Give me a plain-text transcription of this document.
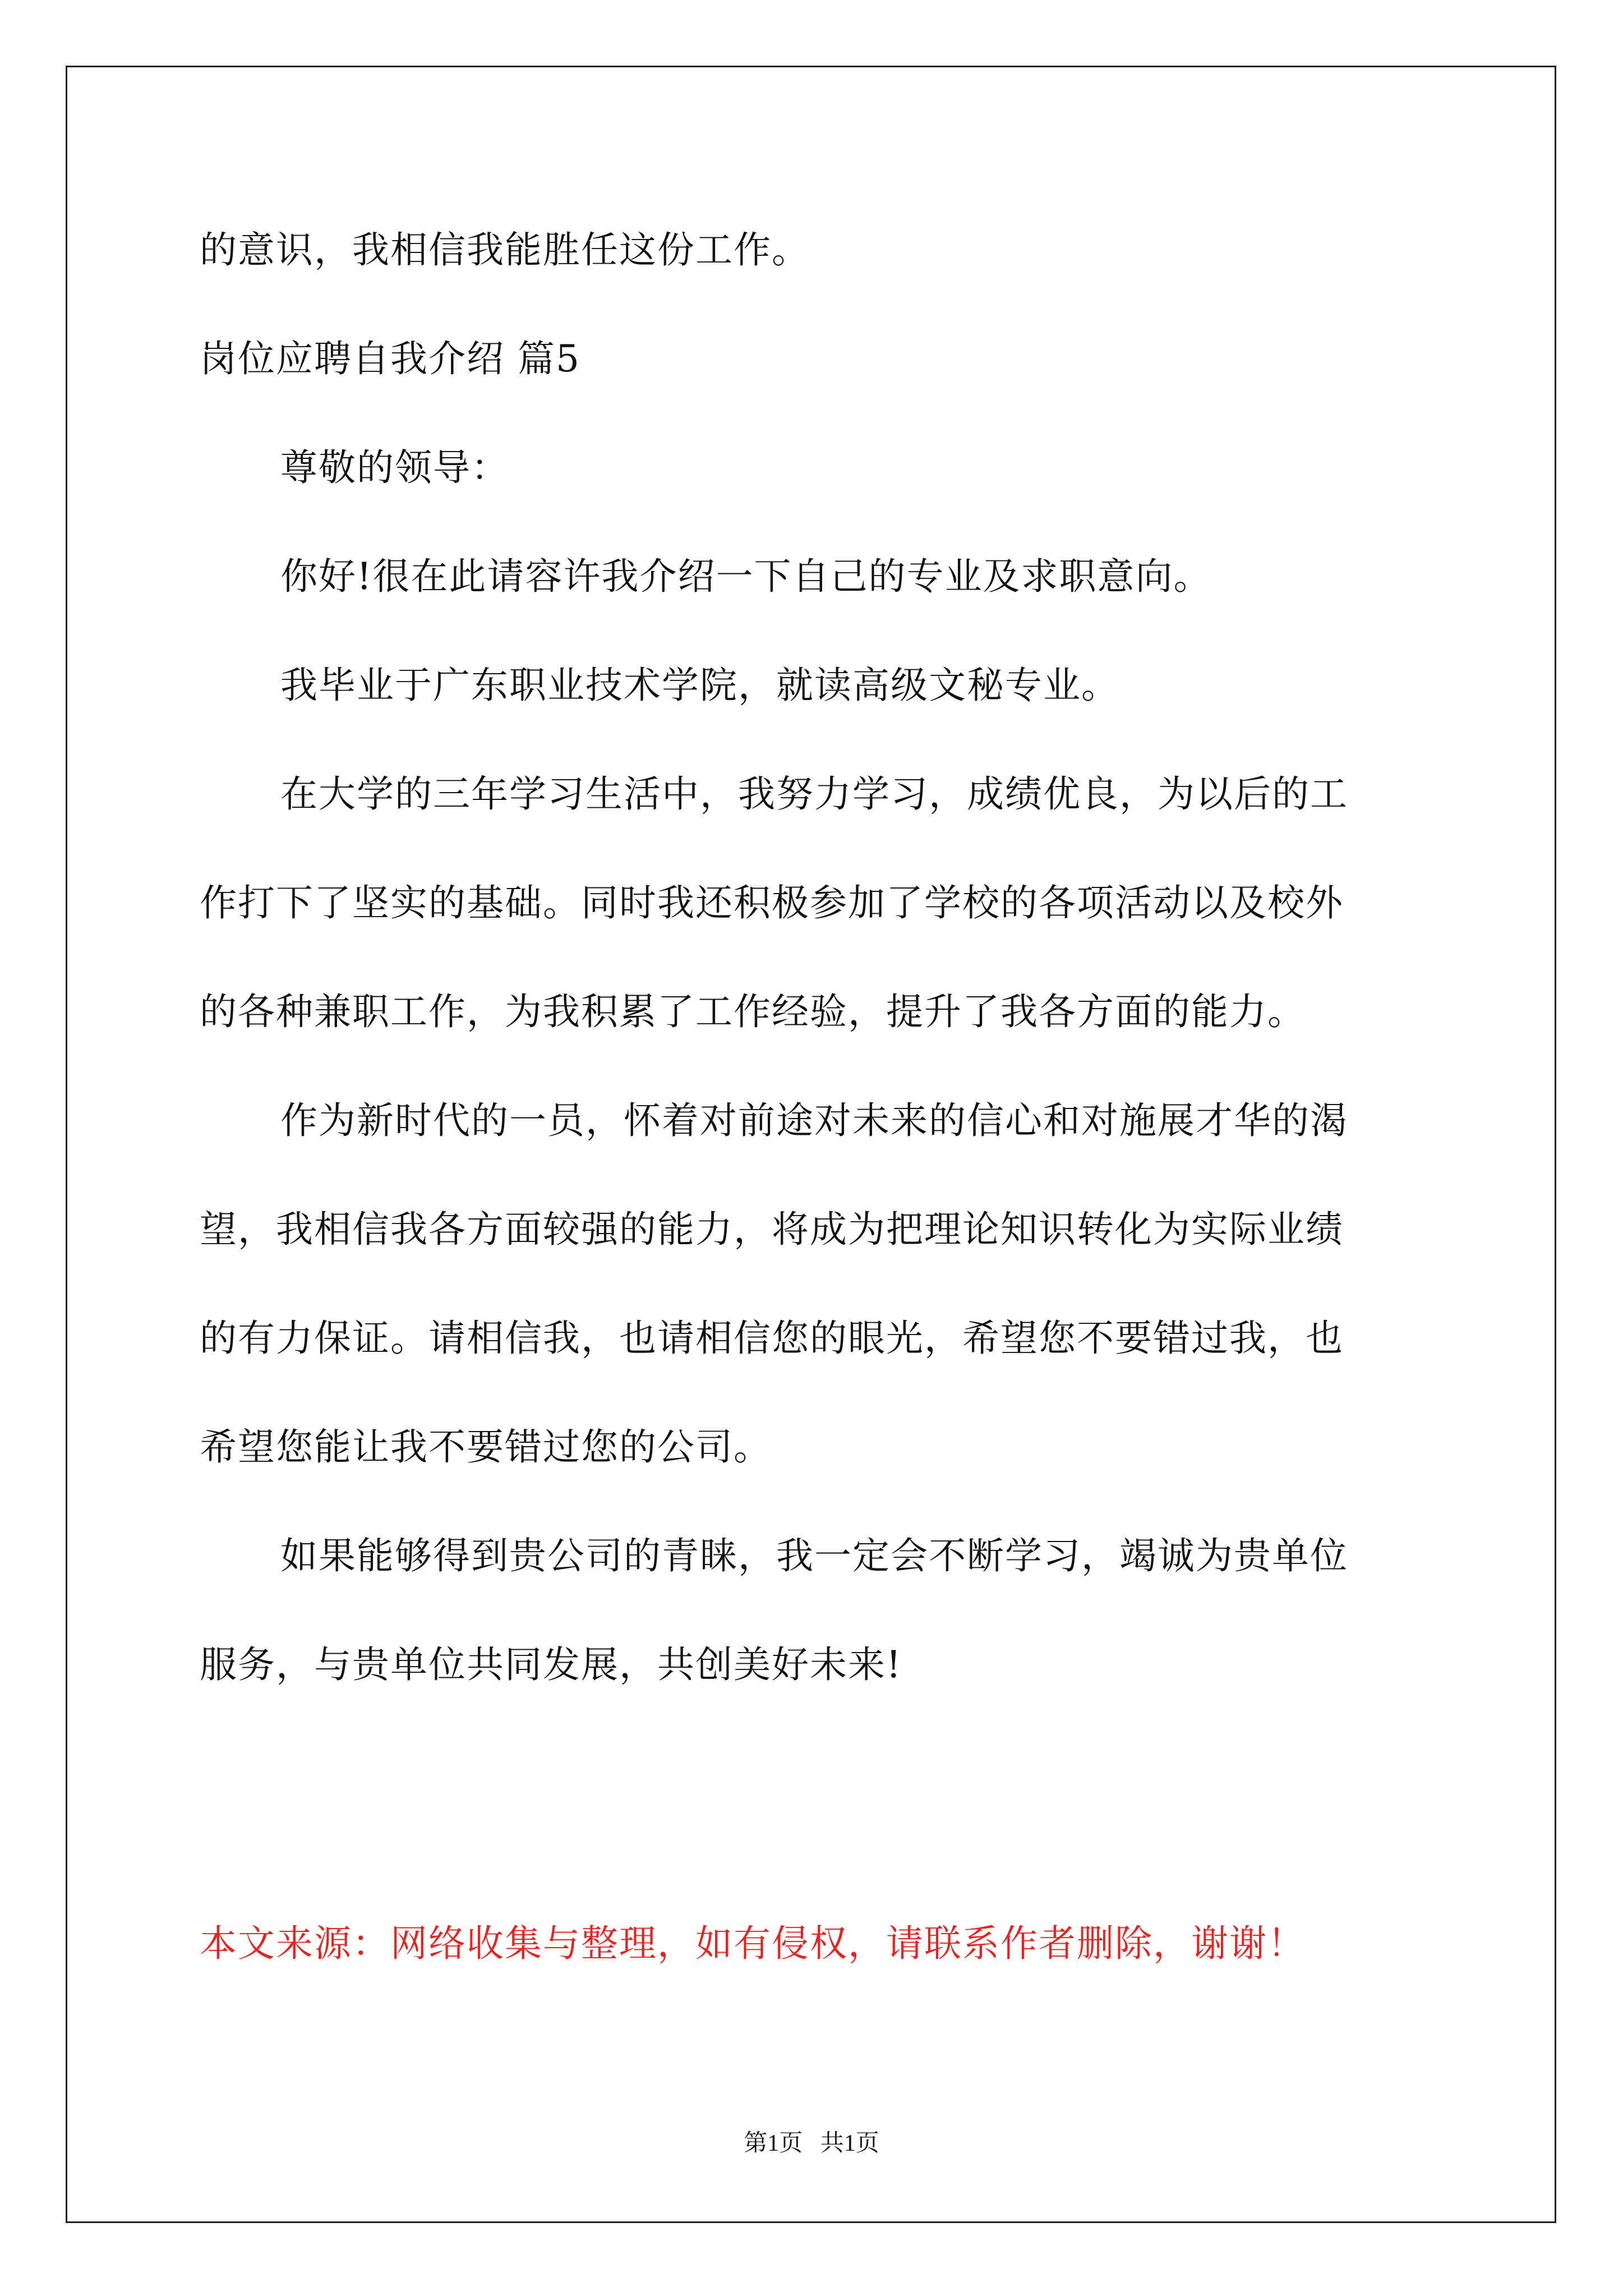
的意识，我相信我能胜任这份工作。
岗位应聘自我介绍 篇5
尊敬的领导：
你好!很在此请容许我介绍一下自己的专业及求职意向。
我毕业于广东职业技术学院，就读高级文秘专业。
在大学的三年学习生活中，我努力学习，成绩优良，为以后的工
作打下了坚实的基础。同时我还积极参加了学校的各项活动以及校外
的各种兼职工作，为我积累了工作经验，提升了我各方面的能力。
作为新时代的一员，怀着对前途对未来的信心和对施展才华的渴
望，我相信我各方面较强的能力，将成为把理论知识转化为实际业绩
的有力保证。请相信我，也请相信您的眼光，希望您不要错过我，也
希望您能让我不要错过您的公司。
如果能够得到贵公司的青睐，我一定会不断学习，竭诚为贵单位
服务，与贵单位共同发展，共创美好未来!
本文来源：网络收集与整理，如有侵权，请联系作者删除，谢谢！
第1页   共1页
